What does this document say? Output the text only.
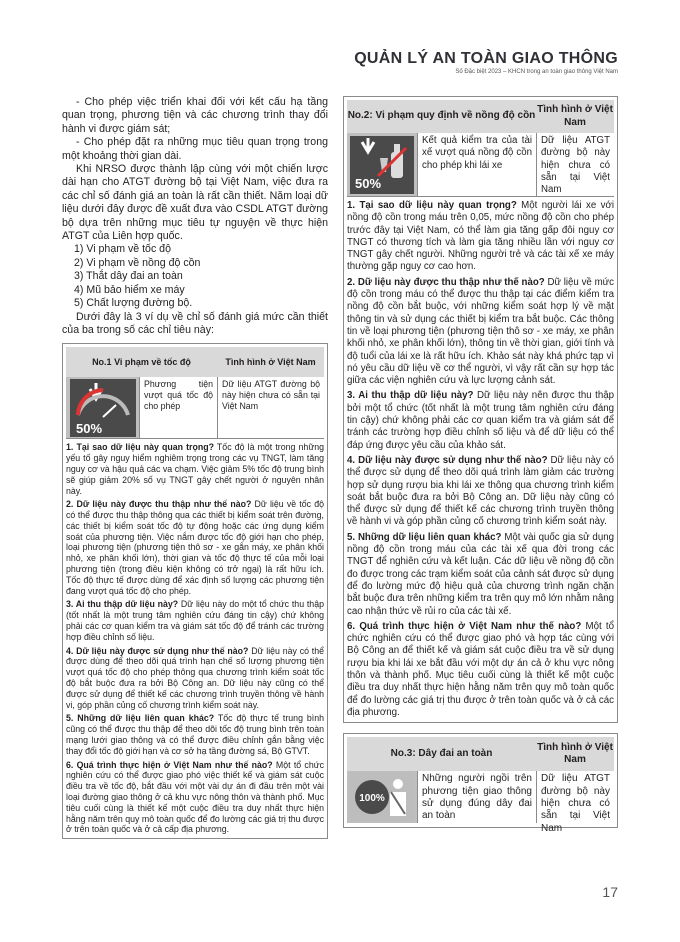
QUẢN LÝ AN TOÀN GIAO THÔNG
Số Đặc biệt 2023 – KHCN trong an toàn giao thông Việt Nam

- Cho phép việc triển khai đối với kết cấu hạ tầng quan trọng, phương tiện và các chương trình thay đổi hành vi được giám sát;

- Cho phép đặt ra những mục tiêu quan trọng trong một khoảng thời gian dài.

Khi NRSO được thành lập cùng với một chiến lược dài hạn cho ATGT đường bộ tại Việt Nam, việc đưa ra các chỉ số đánh giá an toàn là rất cần thiết. Năm loại dữ liệu dưới đây được đề xuất đưa vào CSDL ATGT đường bộ dựa trên những mục tiêu tự nguyện về thực hiện ATGT của Liên hợp quốc.

1) Vi phạm về tốc độ

2) Vi phạm về nồng độ cồn

3) Thắt dây đai an toàn

4) Mũ bảo hiểm xe máy

5) Chất lượng đường bộ.

Dưới đây là 3 ví dụ về chỉ số đánh giá mức cần thiết của ba trong số các chỉ tiêu này:

No.1 Vi phạm về tốc độ	Tình hình ở Việt Nam
50%
Phương tiện vượt quá tốc độ cho phép
Dữ liệu ATGT đường bộ này hiện chưa có sẵn tại Việt Nam

1. Tại sao dữ liệu này quan trọng? Tốc độ là một trong những yếu tố gây nguy hiểm nghiêm trọng trong các vụ TNGT, làm tăng nguy cơ và hậu quả các va chạm. Việc giảm 5% tốc độ trung bình sẽ giúp giảm 20% số vụ TNGT gây chết người ở nguyên nhân này.

2. Dữ liệu này được thu thập như thế nào? Dữ liệu về tốc độ có thể được thu thập thông qua các thiết bị kiểm soát trên đường, các thiết bị kiểm soát tốc độ tự động hoặc các ứng dụng kiểm soát của phương tiện. Việc nắm được tốc độ giới hạn cho phép, loại phương tiện (phương tiện thô sơ - xe gắn máy, xe phân khối nhỏ, xe phân khối lớn), thời gian và tốc độ thực tế của mỗi loại phương tiện (trong điều kiện không có trở ngại) là rất hữu ích. Tốc độ thực tế được dùng để xác định số lượng các phương tiện đang vượt quá tốc độ cho phép.

3. Ai thu thập dữ liệu này? Dữ liệu này do một tổ chức thu thập (tốt nhất là một trung tâm nghiên cứu đáng tin cậy) chứ không phải các cơ quan kiểm tra và giám sát tốc độ để tránh các trường hợp điều chỉnh số liệu.

4. Dữ liệu này được sử dụng như thế nào? Dữ liệu này có thể được dùng để theo dõi quá trình hạn chế số lượng phương tiện vượt quá tốc độ cho phép thông qua chương trình kiểm soát tốc độ bắt buộc đưa ra bởi Bộ Công an. Dữ liệu này cũng có thể được sử dụng để thiết kế các chương trình truyền thông về hành vi, góp phần củng cố chương trình kiểm soát này.

5. Những dữ liệu liên quan khác? Tốc độ thực tế trung bình cũng có thể được thu thập để theo dõi tốc độ trung bình trên toàn mạng lưới giao thông và có thể được điều chỉnh gắn bằng việc thay đổi tốc độ giới hạn và cơ sở hạ tầng đường sá, Bộ GTVT.

6. Quá trình thực hiện ở Việt Nam như thế nào? Một tổ chức nghiên cứu có thể được giao phó việc thiết kế và giám sát cuộc điều tra về tốc độ, bắt đầu với một vài dự án đi đầu trên một vài loại đường giao thông ở cả khu vực nông thôn và thành phố. Mục tiêu cuối cùng là thiết kế một cuộc điều tra duy nhất thực hiện hằng năm trên quy mô toàn quốc để đo lường các giá trị thu được ở trên toàn quốc và ở cả cấp địa phương.

No.2: Vi phạm quy định về nồng độ cồn
Tình hình ở Việt Nam
50%
Kết quả kiểm tra của tài xế vượt quá nồng độ cồn cho phép khi lái xe
Dữ liệu ATGT đường bộ này hiện chưa có sẵn tại Việt Nam

1. Tại sao dữ liệu này quan trọng? Một người lái xe với nồng độ cồn trong máu trên 0,05, mức nồng độ cồn cho phép trước đây tại Việt Nam, có thể làm gia tăng gấp đôi nguy cơ TNGT có thương tích và làm gia tăng nhiều lần với nguy cơ TNGT gây chết người. Những người trẻ và các tài xế xe máy thường gặp nguy cơ cao hơn.

2. Dữ liệu này được thu thập như thế nào? Dữ liệu về mức độ cồn trong máu có thể được thu thập tại các điểm kiểm tra nồng độ cồn bắt buộc, với những kiểm soát hợp lý về mặt thông tin và sử dụng các thiết bị kiểm tra bắt buộc. Các thông tin về loại phương tiện (phương tiện thô sơ - xe máy, xe phân khối nhỏ, xe phân khối lớn), thông tin về thời gian, giới tính và độ tuổi của lái xe là rất hữu ích. Khảo sát này khá phức tạp vì nó yêu cầu dữ liệu về cơ thể người, vì vậy rất cần sự hợp tác giữa các viện nghiên cứu và lực lượng cảnh sát.

3. Ai thu thập dữ liệu này? Dữ liệu này nên được thu thập bởi một tổ chức (tốt nhất là một trung tâm nghiên cứu đáng tin cậy) chứ không phải các cơ quan kiểm tra và giám sát để tránh các trường hợp điều chỉnh số liệu và để dữ liệu có thể đáp ứng được yêu cầu của khảo sát.

4. Dữ liệu này được sử dụng như thế nào? Dữ liệu này có thể được sử dụng để theo dõi quá trình làm giảm các trường hợp sử dụng rượu bia khi lái xe thông qua chương trình kiểm soát bắt buộc đưa ra bởi Bộ Công an. Dữ liệu này cũng có thể được sử dụng để thiết kế các chương trình truyền thông về hành vi và góp phần củng cố chương trình kiểm soát này.

5. Những dữ liệu liên quan khác? Một vài quốc gia sử dụng nồng độ cồn trong máu của các tài xế qua đời trong các TNGT để nghiên cứu và kết luận. Các dữ liệu về nồng độ cồn đo được trong các trạm kiểm soát của cảnh sát được sử dụng để đo lường mức độ hiệu quả của chương trình ngăn chặn bắt buộc đưa trên những kiểm tra trên quy mô lớn nhằm nâng cao nhận thức về rủi ro của các tài xế.

6. Quá trình thực hiện ở Việt Nam như thế nào? Một tổ chức nghiên cứu có thể được giao phó và hợp tác cùng với Bộ Công an để thiết kế và giám sát cuộc điều tra về sử dụng rượu bia khi lái xe bắt đầu với một dự án cả ở khu vực nông thôn và thành phố. Mục tiêu cuối cùng là thiết kế một cuộc điều tra duy nhất thực hiện hằng năm trên quy mô toàn quốc để đo lường các giá trị thu được ở trên toàn quốc và ở cả các địa phương.

No.3: Dây đai an toàn
Tình hình ở Việt Nam
100%
Những người ngồi trên phương tiện giao thông sử dụng đúng dây đai an toàn
Dữ liệu ATGT đường bộ này hiện chưa có sẵn tại Việt Nam
17
